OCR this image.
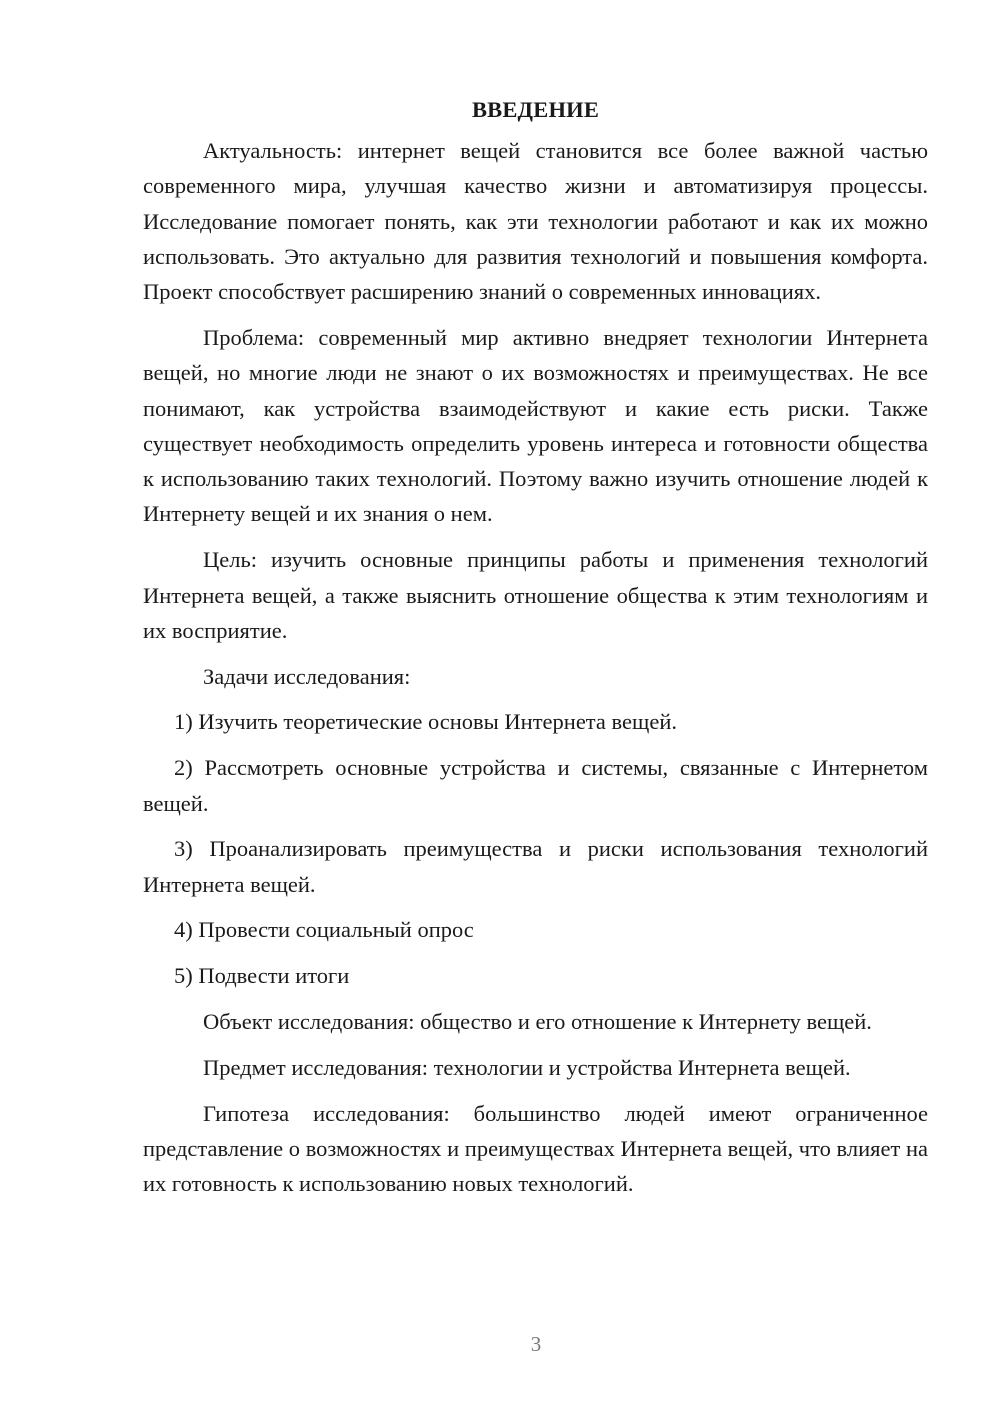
ВВЕДЕНИЕ

Актуальность: интернет вещей становится все более важной частью современного мира, улучшая качество жизни и автоматизируя процессы. Исследование помогает понять, как эти технологии работают и как их можно использовать. Это актуально для развития технологий и повышения комфорта. Проект способствует расширению знаний о современных инновациях.

Проблема: современный мир активно внедряет технологии Интернета вещей, но многие люди не знают о их возможностях и преимуществах. Не все понимают, как устройства взаимодействуют и какие есть риски. Также существует необходимость определить уровень интереса и готовности общества к использованию таких технологий. Поэтому важно изучить отношение людей к Интернету вещей и их знания о нем.

Цель: изучить основные принципы работы и применения технологий Интернета вещей, а также выяснить отношение общества к этим технологиям и их восприятие.

Задачи исследования:

1) Изучить теоретические основы Интернета вещей.

2) Рассмотреть основные устройства и системы, связанные с Интернетом вещей.

3) Проанализировать преимущества и риски использования технологий Интернета вещей.

4) Провести социальный опрос

5) Подвести итоги

Объект исследования: общество и его отношение к Интернету вещей.

Предмет исследования: технологии и устройства Интернета вещей.

Гипотеза исследования: большинство людей имеют ограниченное представление о возможностях и преимуществах Интернета вещей, что влияет на их готовность к использованию новых технологий.

3
